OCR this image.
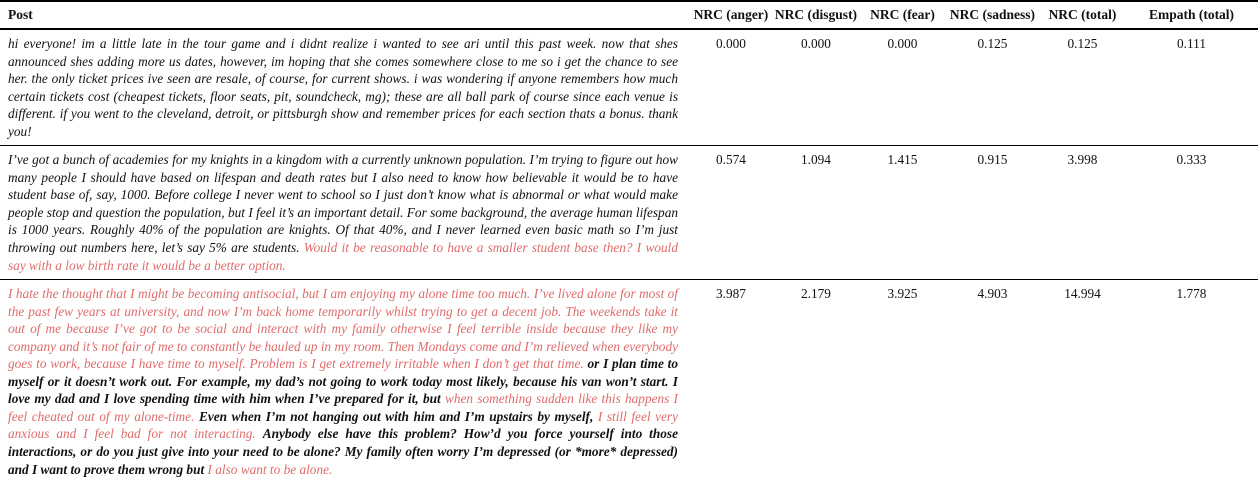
Post	NRC (anger)	NRC (disgust)	NRC (fear)	NRC (sadness)	NRC (total)	Empath (total)
hi everyone! im a little late in the tour game and i didnt realize i wanted to see ari until this past week. now that shes announced shes adding more us dates, however, im hoping that she comes somewhere close to me so i get the chance to see her. the only ticket prices ive seen are resale, of course, for current shows. i was wondering if anyone remembers how much certain tickets cost (cheapest tickets, floor seats, pit, soundcheck, mg); these are all ball park of course since each venue is different. if you went to the cleveland, detroit, or pittsburgh show and remember prices for each section thats a bonus. thank you!	0.000	0.000	0.000	0.125	0.125	0.111
I’ve got a bunch of academies for my knights in a kingdom with a currently unknown population. I’m trying to figure out how many people I should have based on lifespan and death rates but I also need to know how believable it would be to have student base of, say, 1000. Before college I never went to school so I just don’t know what is abnormal or what would make people stop and question the population, but I feel it’s an important detail. For some background, the average human lifespan is 1000 years. Roughly 40% of the population are knights. Of that 40%, and I never learned even basic math so I’m just throwing out numbers here, let’s say 5% are students. Would it be reasonable to have a smaller student base then? I would say with a low birth rate it would be a better option.	0.574	1.094	1.415	0.915	3.998	0.333
I hate the thought that I might be becoming antisocial, but I am enjoying my alone time too much. I’ve lived alone for most of the past few years at university, and now I’m back home temporarily whilst trying to get a decent job. The weekends take it out of me because I’ve got to be social and interact with my family otherwise I feel terrible inside because they like my company and it’s not fair of me to constantly be hauled up in my room. Then Mondays come and I’m relieved when everybody goes to work, because I have time to myself. Problem is I get extremely irritable when I don’t get that time. or I plan time to myself or it doesn’t work out. For example, my dad’s not going to work today most likely, because his van won’t start. I love my dad and I love spending time with him when I’ve prepared for it, but when something sudden like this happens I feel cheated out of my alone-time. Even when I’m not hanging out with him and I’m upstairs by myself, I still feel very anxious and I feel bad for not interacting. Anybody else have this problem? How’d you force yourself into those interactions, or do you just give into your need to be alone? My family often worry I’m depressed (or *more* depressed) and I want to prove them wrong but I also want to be alone.	3.987	2.179	3.925	4.903	14.994	1.778
